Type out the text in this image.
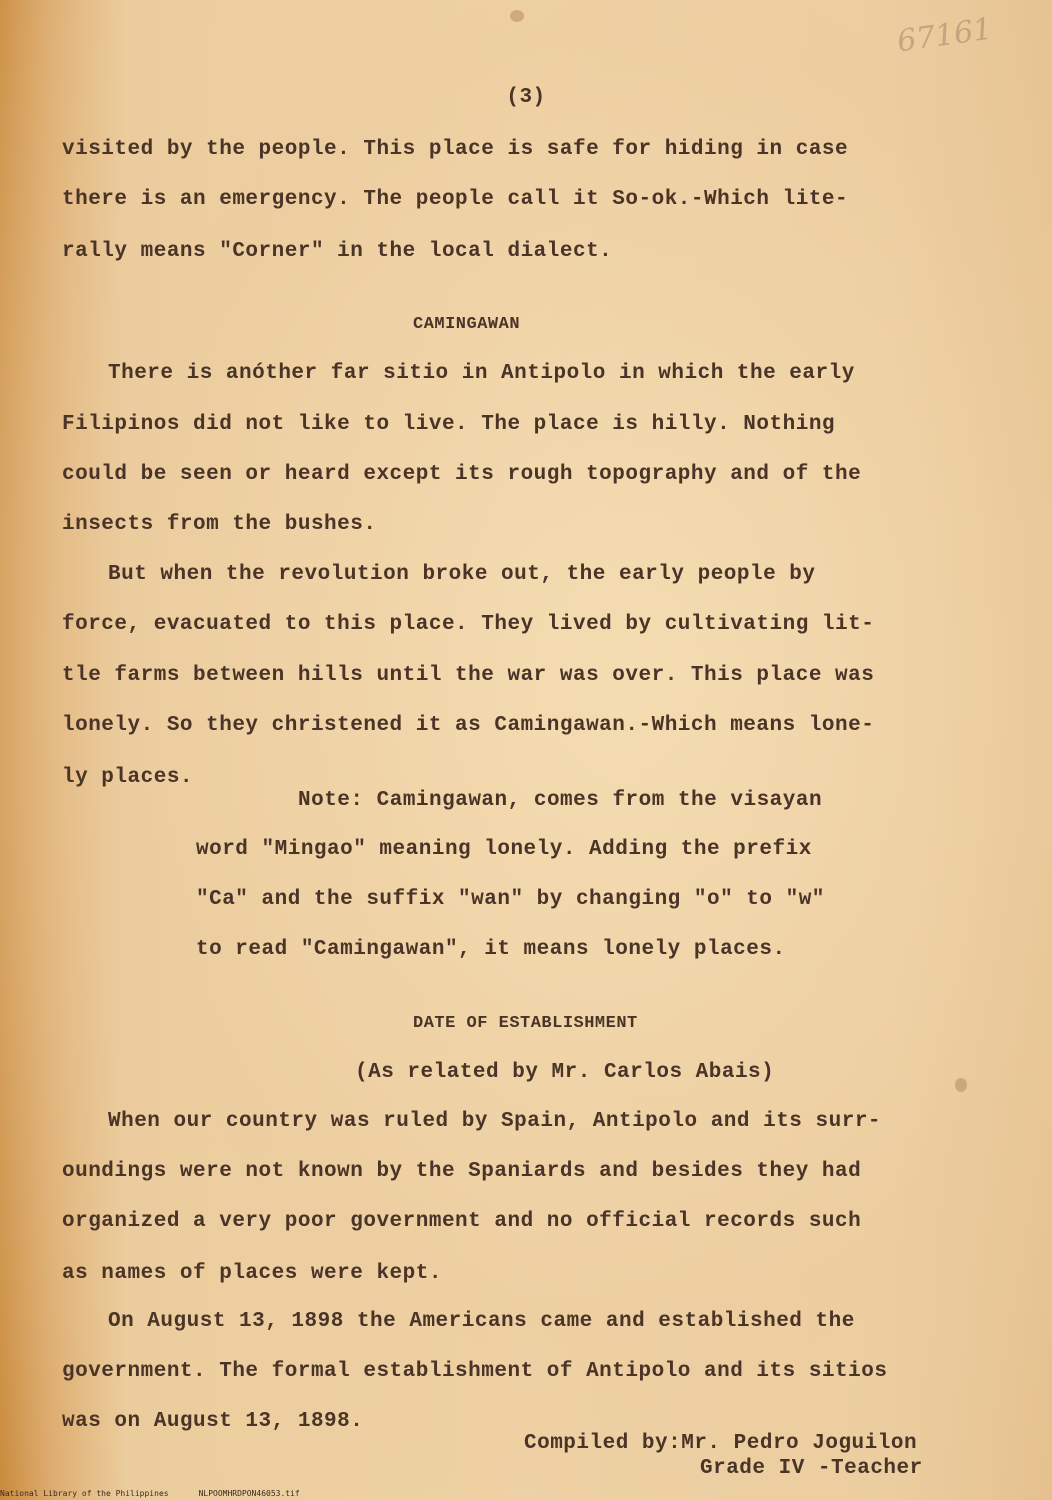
67161
(3)
visited by the people. This place is safe for hiding in case
there is an emergency. The people call it So-ok.-Which lite-
rally means "Corner" in the local dialect.
CAMINGAWAN
There is anóther far sitio in Antipolo in which the early
Filipinos did not like to live. The place is hilly. Nothing
could be seen or heard except its rough topography and of the
insects from the bushes.
But when the revolution broke out, the early people by
force, evacuated to this place. They lived by cultivating lit-
tle farms between hills until the war was over. This place was
lonely. So they christened it as Camingawan.-Which means lone-
ly places.
Note: Camingawan, comes from the visayan
word "Mingao" meaning lonely. Adding the prefix
"Ca" and the suffix "wan" by changing "o" to "w"
to read "Camingawan", it means lonely places.
DATE OF ESTABLISHMENT
(As related by Mr. Carlos Abais)
When our country was ruled by Spain, Antipolo and its surr-
oundings were not known by the Spaniards and besides they had
organized a very poor government and no official records such
as names of places were kept.
On August 13, 1898 the Americans came and established the
government. The formal establishment of Antipolo and its sitios
was on August 13, 1898.
Compiled by:Mr. Pedro Joguilon
Grade IV -Teacher
National Library of the Philippines	NLPOOMHRDPON46053.tif
